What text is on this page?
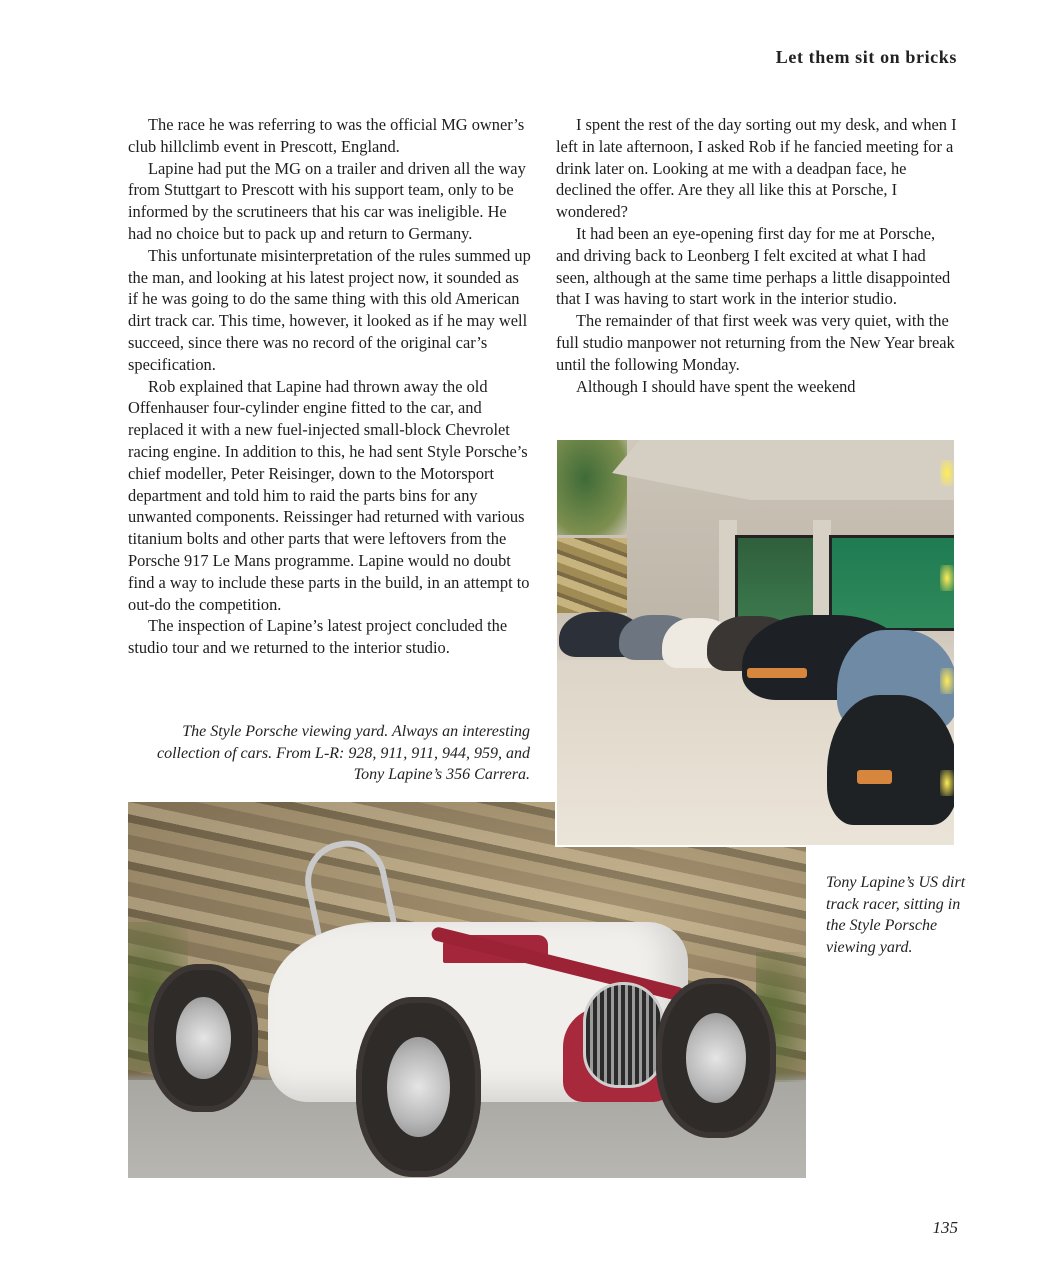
Let them sit on bricks

The race he was referring to was the official MG owner’s club hillclimb event in Prescott, England.

Lapine had put the MG on a trailer and driven all the way from Stuttgart to Prescott with his support team, only to be informed by the scrutineers that his car was ineligible. He had no choice but to pack up and return to Germany.

This unfortunate misinterpretation of the rules summed up the man, and looking at his latest project now, it sounded as if he was going to do the same thing with this old American dirt track car. This time, however, it looked as if he may well succeed, since there was no record of the original car’s specification.

Rob explained that Lapine had thrown away the old Offenhauser four-cylinder engine fitted to the car, and replaced it with a new fuel-injected small-block Chevrolet racing engine. In addition to this, he had sent Style Porsche’s chief modeller, Peter Reisinger, down to the Motorsport department and told him to raid the parts bins for any unwanted components. Reissinger had returned with various titanium bolts and other parts that were leftovers from the Porsche 917 Le Mans programme. Lapine would no doubt find a way to include these parts in the build, in an attempt to out-do the competition.

The inspection of Lapine’s latest project concluded the studio tour and we returned to the interior studio.

I spent the rest of the day sorting out my desk, and when I left in late afternoon, I asked Rob if he fancied meeting for a drink later on. Looking at me with a deadpan face, he declined the offer. Are they all like this at Porsche, I wondered?

It had been an eye-opening first day for me at Porsche, and driving back to Leonberg I felt excited at what I had seen, although at the same time perhaps a little disappointed that I was having to start work in the interior studio.

The remainder of that first week was very quiet, with the full studio manpower not returning from the New Year break until the following Monday.

Although I should have spent the weekend

The Style Porsche viewing yard. Always an interesting collection of cars. From L-R: 928, 911, 911, 944, 959, and Tony Lapine’s 356 Carrera.
Tony Lapine’s US dirt track racer, sitting in the Style Porsche viewing yard.
135
